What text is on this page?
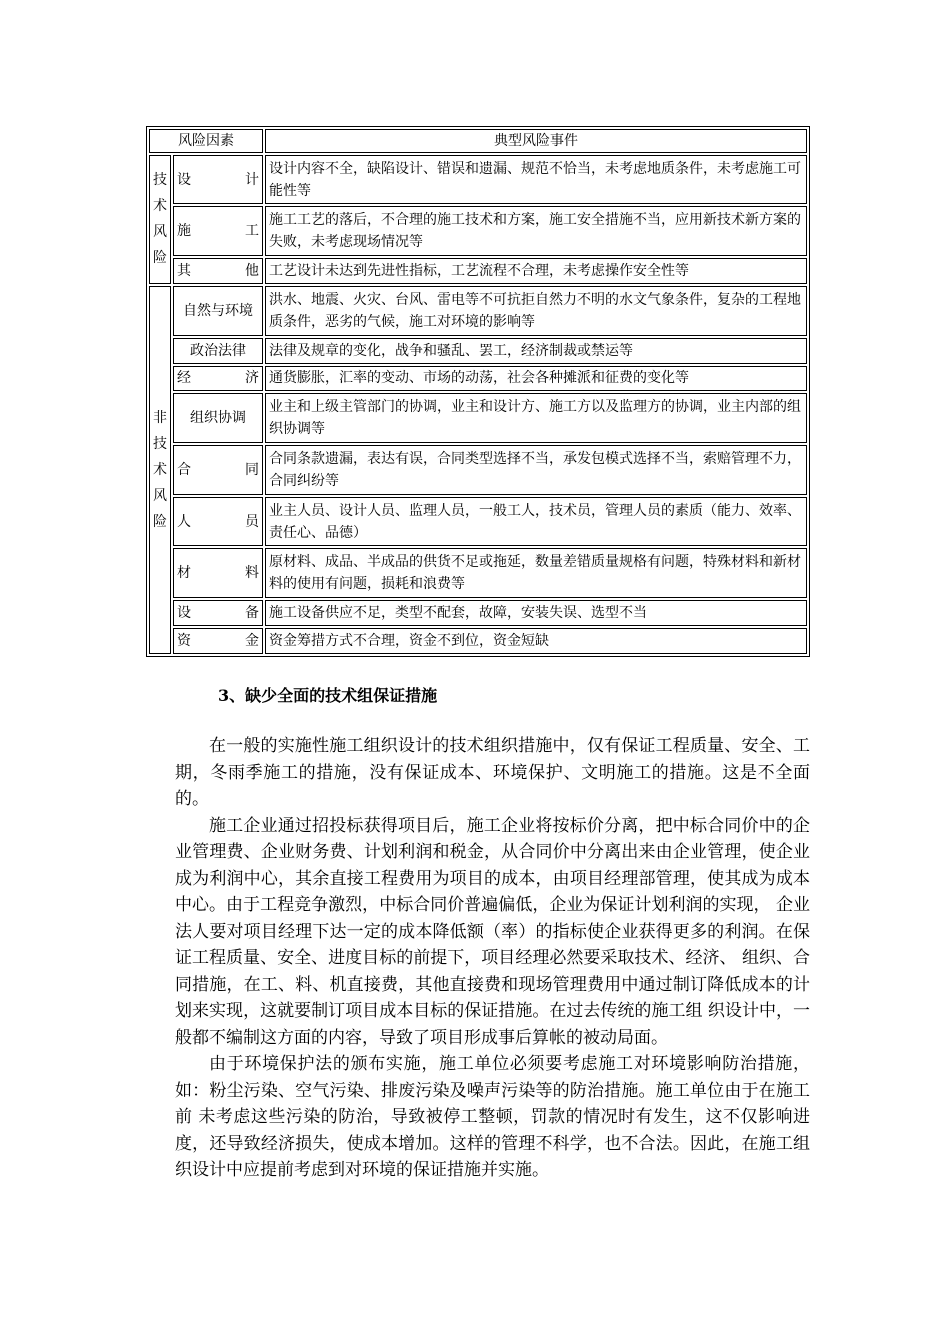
风险因素		典型风险事件
技术风险	设计	设计内容不全，缺陷设计、错误和遗漏、规范不恰当，未考虑地质条件，未考虑施工可能性等
	施工	施工工艺的落后，不合理的施工技术和方案，施工安全措施不当，应用新技术新方案的失败，未考虑现场情况等
	其他	工艺设计未达到先进性指标，工艺流程不合理，未考虑操作安全性等
非技术风险	自然与环境	洪水、地震、火灾、台风、雷电等不可抗拒自然力不明的水文气象条件，复杂的工程地质条件，恶劣的气候，施工对环境的影响等
	政治法律	法律及规章的变化，战争和骚乱、罢工，经济制裁或禁运等
	经济	通货膨胀，汇率的变动、市场的动荡，社会各种摊派和征费的变化等
	组织协调	业主和上级主管部门的协调，业主和设计方、施工方以及监理方的协调，业主内部的组织协调等
	合同	合同条款遗漏，表达有误，合同类型选择不当，承发包模式选择不当，索赔管理不力，合同纠纷等
	人员	业主人员、设计人员、监理人员，一般工人，技术员，管理人员的素质（能力、效率、责任心、品德）
	材料	原材料、成品、半成品的供货不足或拖延，数量差错质量规格有问题，特殊材料和新材料的使用有问题，损耗和浪费等
	设备	施工设备供应不足，类型不配套，故障，安装失误、选型不当
	资金	资金筹措方式不合理，资金不到位，资金短缺
3、缺少全面的技术组保证措施

在一般的实施性施工组织设计的技术组织措施中，仅有保证工程质量、安全、工期，冬雨季施工的措施，没有保证成本、环境保护、文明施工的措施。这是不全面的。

施工企业通过招投标获得项目后，施工企业将按标价分离，把中标合同价中的企业管理费、企业财务费、计划利润和税金，从合同价中分离出来由企业管理，使企业 成为利润中心，其余直接工程费用为项目的成本，由项目经理部管理，使其成为成本中心。由于工程竞争激烈，中标合同价普遍偏低，企业为保证计划利润的实现， 企业法人要对项目经理下达一定的成本降低额（率）的指标使企业获得更多的利润。在保证工程质量、安全、进度目标的前提下，项目经理必然要采取技术、经济、 组织、合同措施，在工、料、机直接费，其他直接费和现场管理费用中通过制订降低成本的计划来实现，这就要制订项目成本目标的保证措施。在过去传统的施工组 织设计中，一般都不编制这方面的内容，导致了项目形成事后算帐的被动局面。

由于环境保护法的颁布实施，施工单位必须要考虑施工对环境影响防治措施，如：粉尘污染、空气污染、排废污染及噪声污染等的防治措施。施工单位由于在施工前 未考虑这些污染的防治，导致被停工整顿，罚款的情况时有发生，这不仅影响进度，还导致经济损失，使成本增加。这样的管理不科学，也不合法。因此，在施工组 织设计中应提前考虑到对环境的保证措施并实施。
